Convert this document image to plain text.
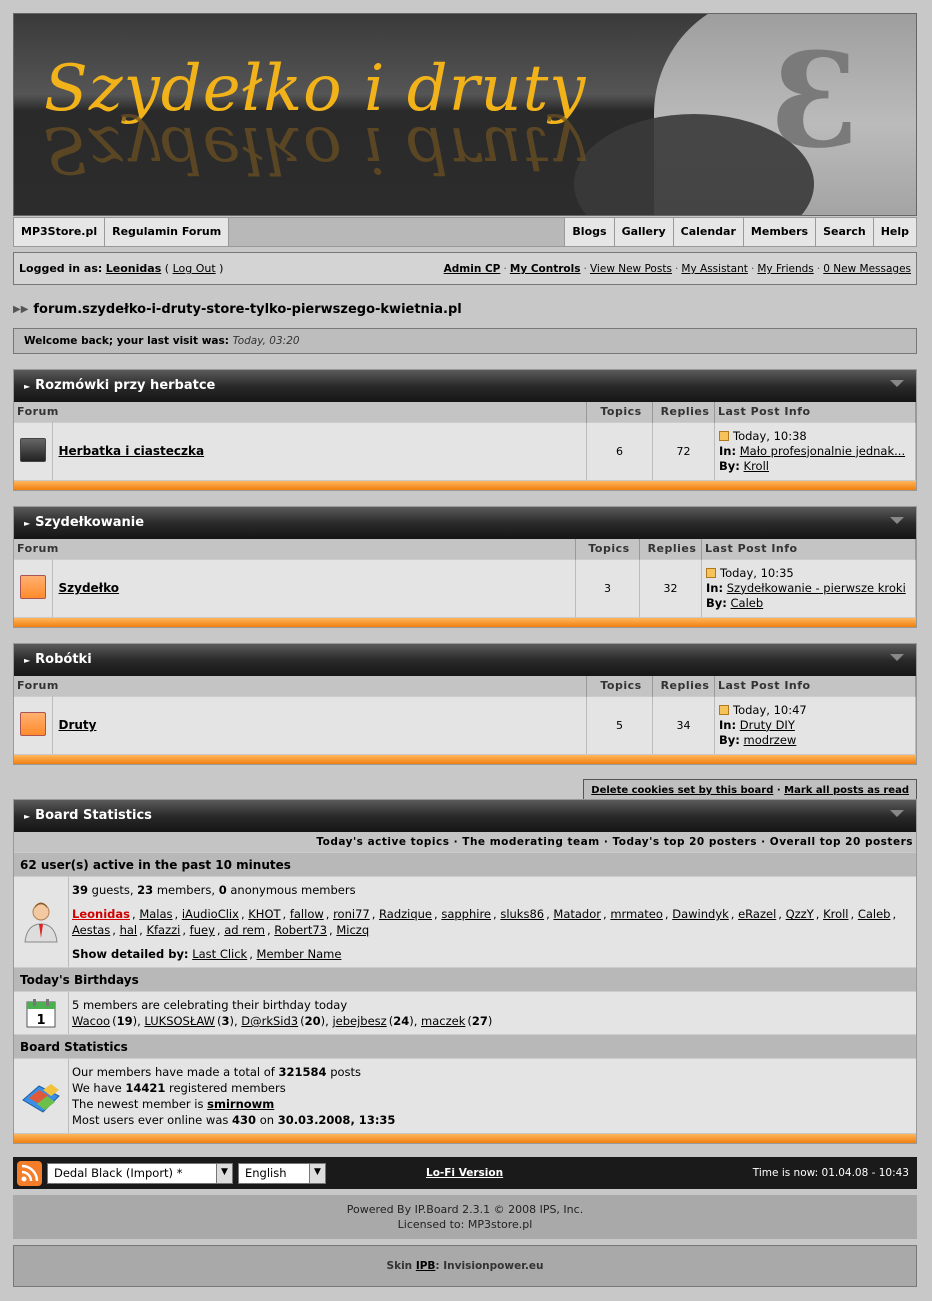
3
Szydełko i druty
Szydełko i druty
MP3Store.pl	Regulamin Forum	Blogs	Gallery	Calendar	Members	Search	Help
Logged in as: Leonidas ( Log Out )	Admin CP · My Controls · View New Posts · My Assistant · My Friends · 0 New Messages
▶▶ forum.szydełko-i-druty-store-tylko-pierwszego-kwietnia.pl
Welcome back; your last visit was: Today, 03:20
► Rozmówki przy herbatce
Forum		Topics	Replies	Last Post Info
	Herbatka i ciasteczka	6	72	Today, 10:38
In: Mało profesjonalnie jednak...
By: Kroll
► Szydełkowanie
Forum		Topics	Replies	Last Post Info
	Szydełko	3	32	Today, 10:35
In: Szydełkowanie - pierwsze kroki
By: Caleb
► Robótki
Forum		Topics	Replies	Last Post Info
	Druty	5	34	Today, 10:47
In: Druty DIY
By: modrzew
Delete cookies set by this board · Mark all posts as read
► Board Statistics
Today's active topics · The moderating team · Today's top 20 posters · Overall top 20 posters
62 user(s) active in the past 10 minutes
39 guests, 23 members, 0 anonymous members
Leonidas , Malas , iAudioClix , KHOT , fallow , roni77 , Radzique , sapphire , sluks86 , Matador , mrmateo , Dawindyk , eRazel , QzzY , Kroll , Caleb , Aestas , hal , Kfazzi , fuey , ad rem , Robert73 , Miczq
Show detailed by: Last Click , Member Name
Today's Birthdays
1
5 members are celebrating their birthday today
Wacoo (19), LUKSOSŁAW (3), D@rkSid3 (20), jebejbesz (24), maczek (27)
Board Statistics
Our members have made a total of 321584 posts
We have 14421 registered members
The newest member is smirnowm
Most users ever online was 430 on 30.03.2008, 13:35
Dedal Black (Import) *	▼	English	▼	Lo-Fi Version	Time is now: 01.04.08 - 10:43
Powered By IP.Board 2.3.1 © 2008 IPS, Inc.
Licensed to: MP3store.pl
Skin IPB: Invisionpower.eu
